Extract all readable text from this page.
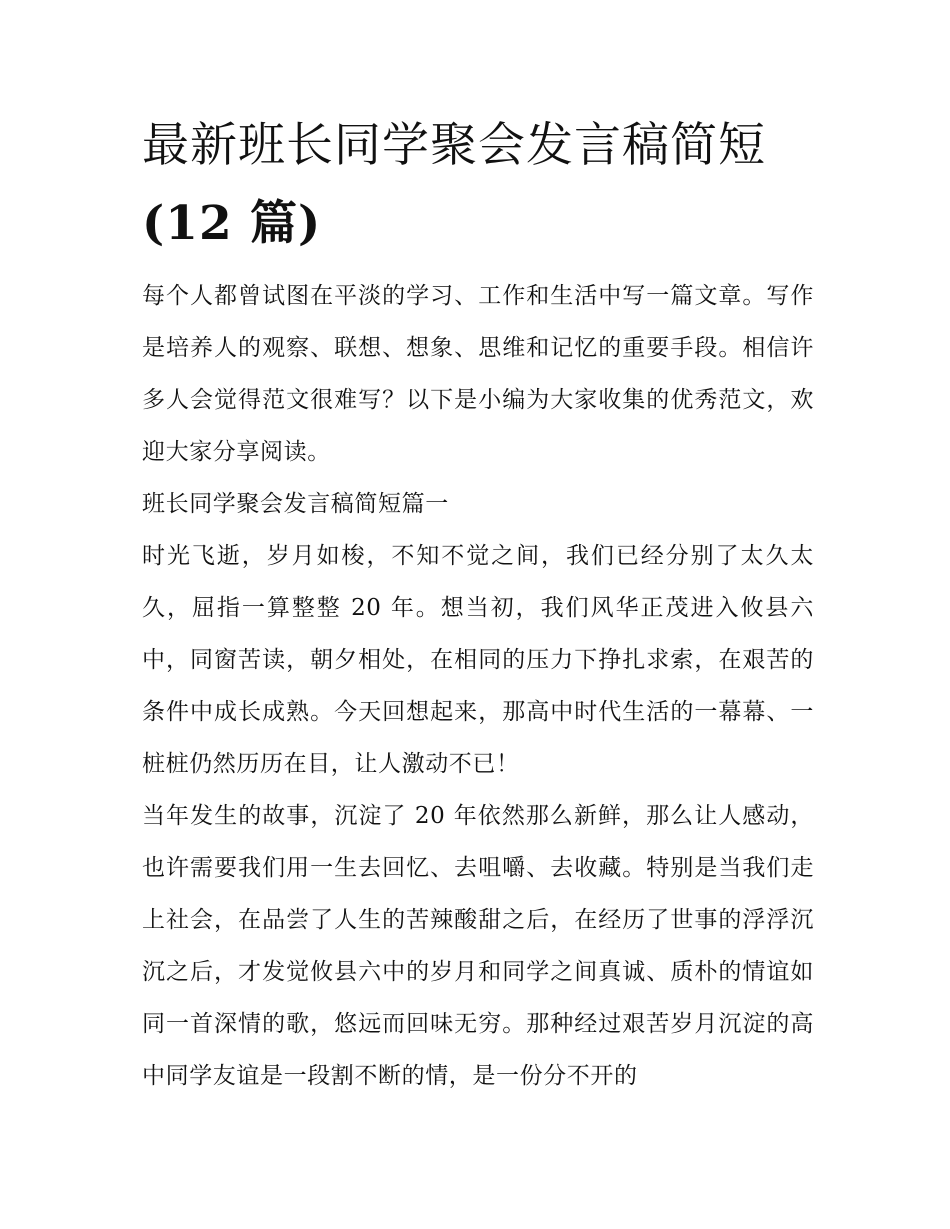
最新班长同学聚会发言稿简短
(12 篇)

每个人都曾试图在平淡的学习、工作和生活中写一篇文章。写作是培养人的观察、联想、想象、思维和记忆的重要手段。相信许多人会觉得范文很难写？以下是小编为大家收集的优秀范文，欢迎大家分享阅读。

班长同学聚会发言稿简短篇一

时光飞逝，岁月如梭，不知不觉之间，我们已经分别了太久太久，屈指一算整整 20 年。想当初，我们风华正茂进入攸县六中，同窗苦读，朝夕相处，在相同的压力下挣扎求索，在艰苦的条件中成长成熟。今天回想起来，那高中时代生活的一幕幕、一桩桩仍然历历在目，让人激动不已！

当年发生的故事，沉淀了 20 年依然那么新鲜，那么让人感动，也许需要我们用一生去回忆、去咀嚼、去收藏。特别是当我们走上社会，在品尝了人生的苦辣酸甜之后，在经历了世事的浮浮沉沉之后，才发觉攸县六中的岁月和同学之间真诚、质朴的情谊如同一首深情的歌，悠远而回味无穷。那种经过艰苦岁月沉淀的高中同学友谊是一段割不断的情，是一份分不开的
